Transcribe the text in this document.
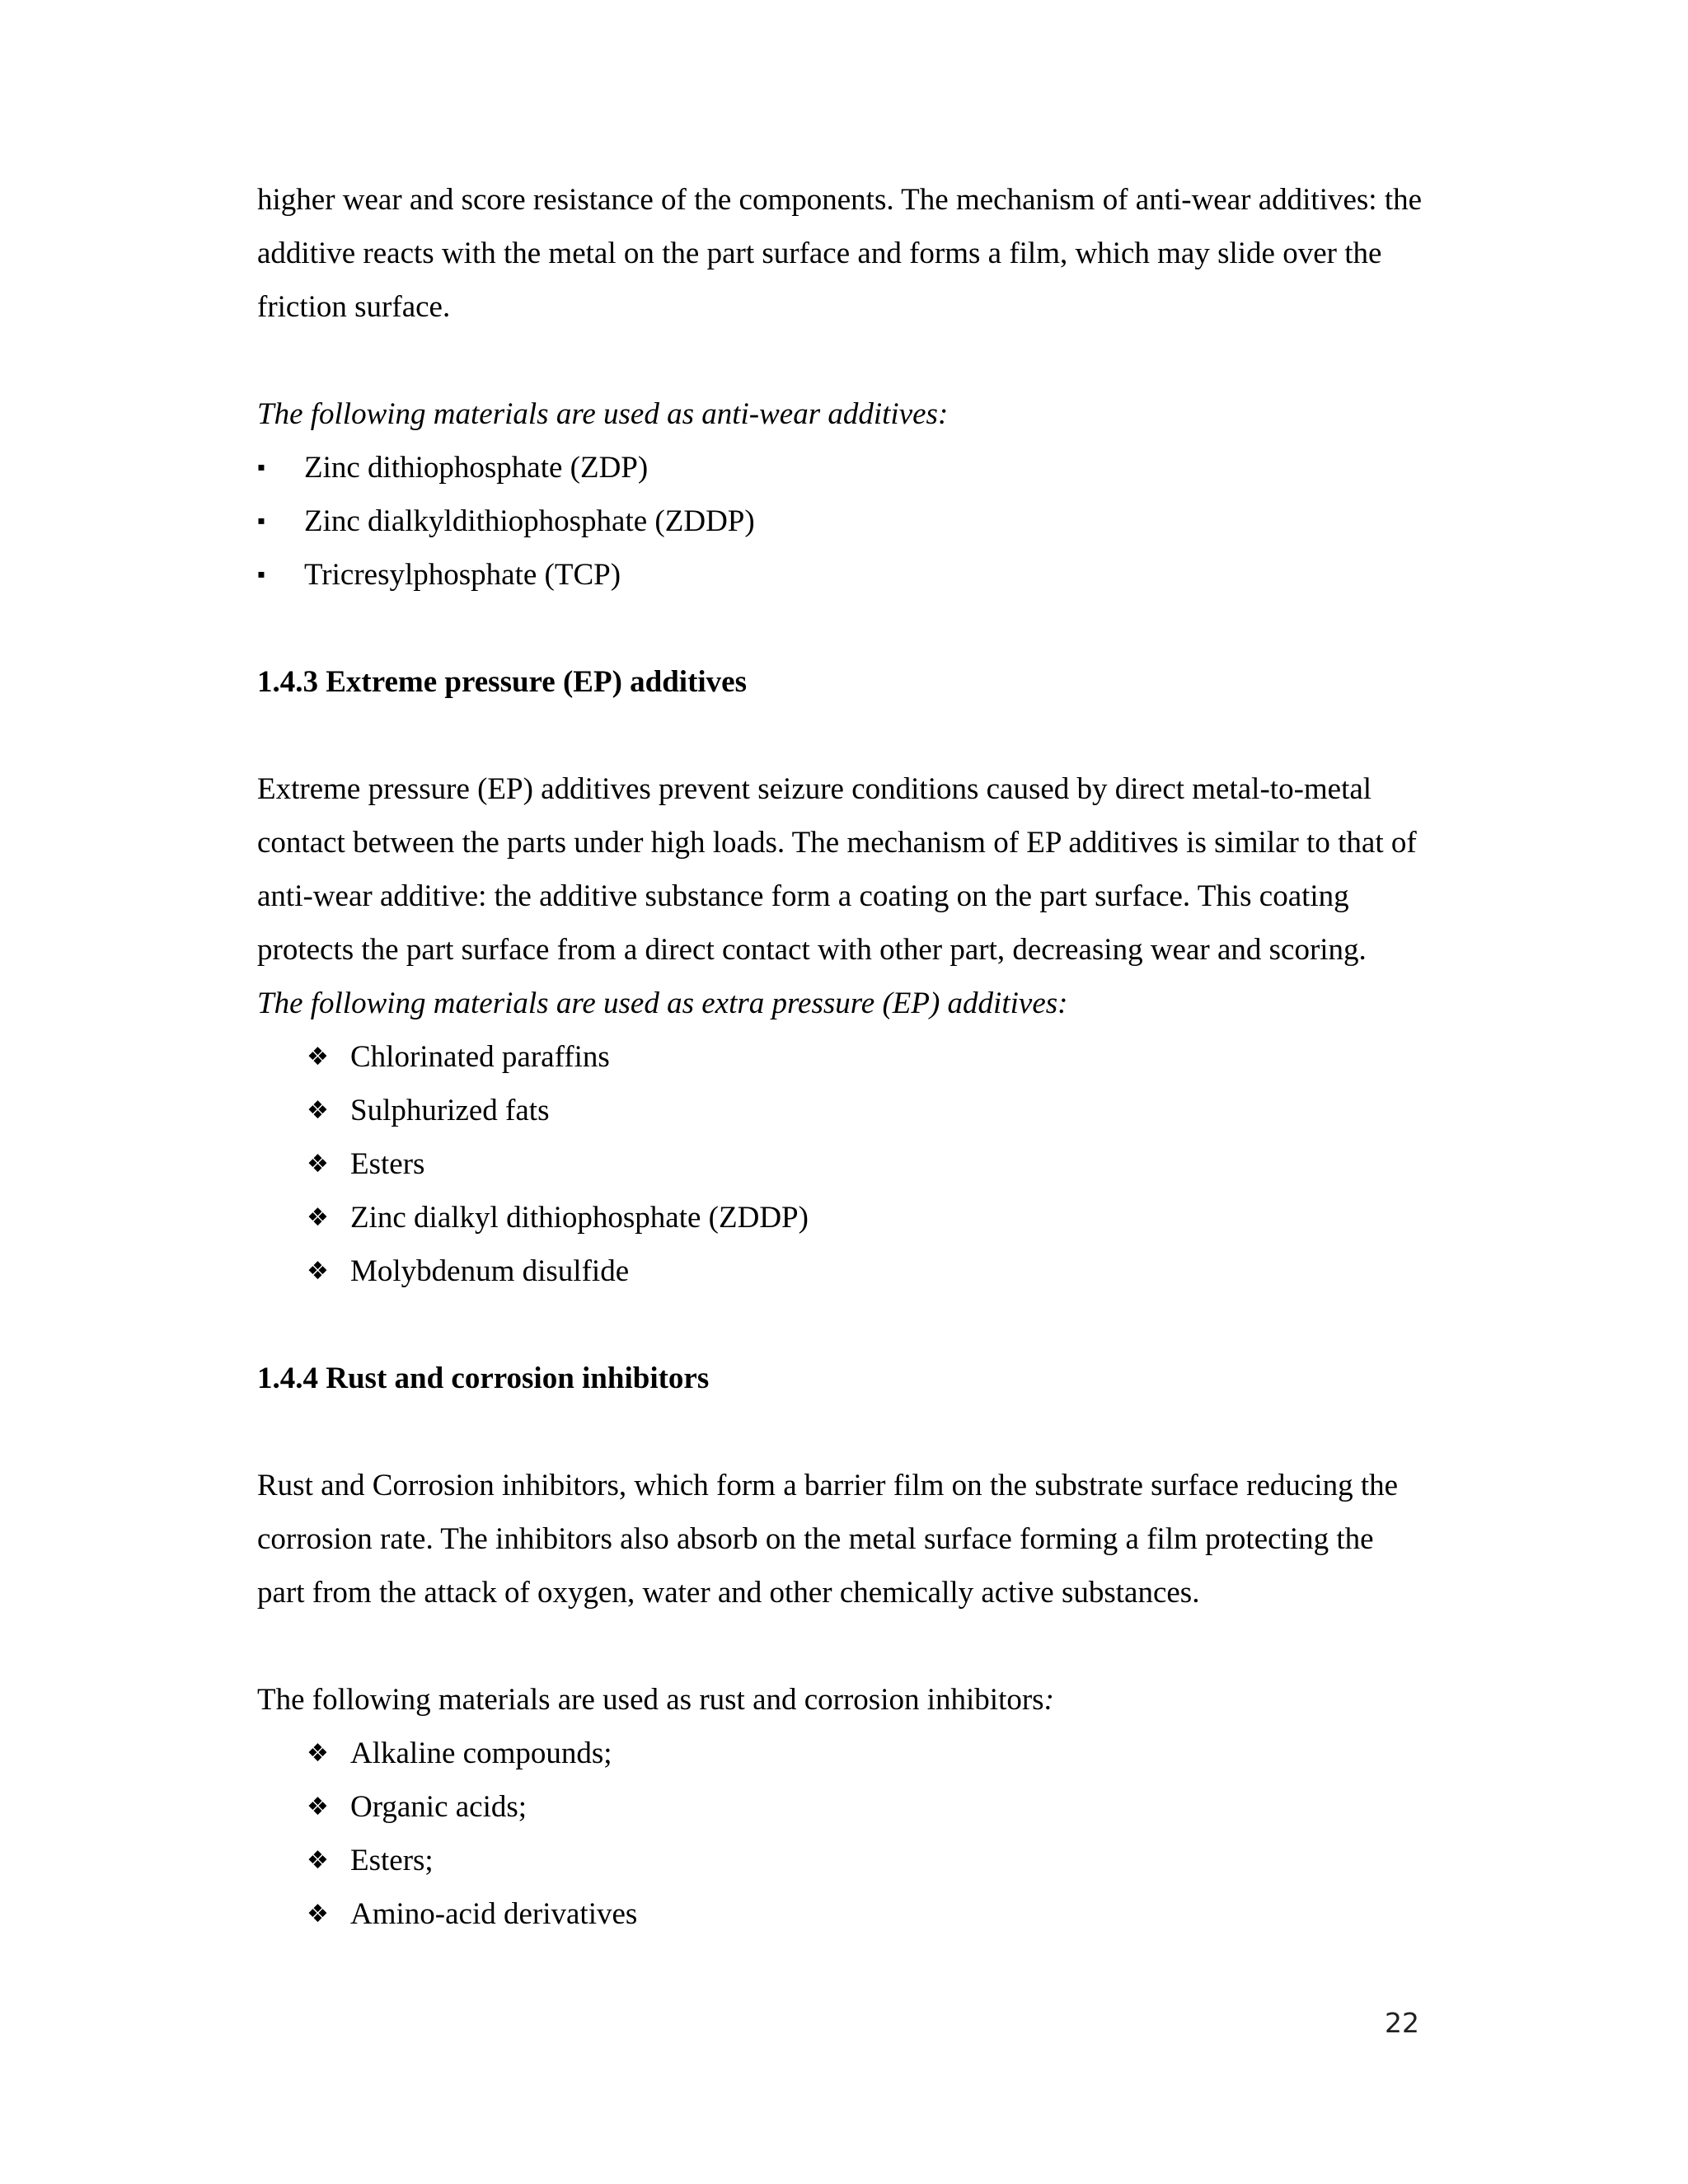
higher wear and score resistance of the components. The mechanism of anti-wear additives: the additive reacts with the metal on the part surface and forms a film, which may slide over the friction surface.

The following materials are used as anti-wear additives:

▪	Zinc dithiophosphate (ZDP)
▪	Zinc dialkyldithiophosphate (ZDDP)
▪	Tricresylphosphate (TCP)

1.4.3 Extreme pressure (EP) additives

Extreme pressure (EP) additives prevent seizure conditions caused by direct metal-to-metal contact between the parts under high loads. The mechanism of EP additives is similar to that of anti-wear additive: the additive substance form a coating on the part surface. This coating protects the part surface from a direct contact with other part, decreasing wear and scoring.

The following materials are used as extra pressure (EP) additives:

❖ Chlorinated paraffins
❖ Sulphurized fats
❖ Esters
❖ Zinc dialkyl dithiophosphate (ZDDP)
❖ Molybdenum disulfide

1.4.4 Rust and corrosion inhibitors

Rust and Corrosion inhibitors, which form a barrier film on the substrate surface reducing the corrosion rate. The inhibitors also absorb on the metal surface forming a film protecting the part from the attack of oxygen, water and other chemically active substances.

The following materials are used as rust and corrosion inhibitors:

❖ Alkaline compounds;
❖ Organic acids;
❖ Esters;
❖ Amino-acid derivatives
22
